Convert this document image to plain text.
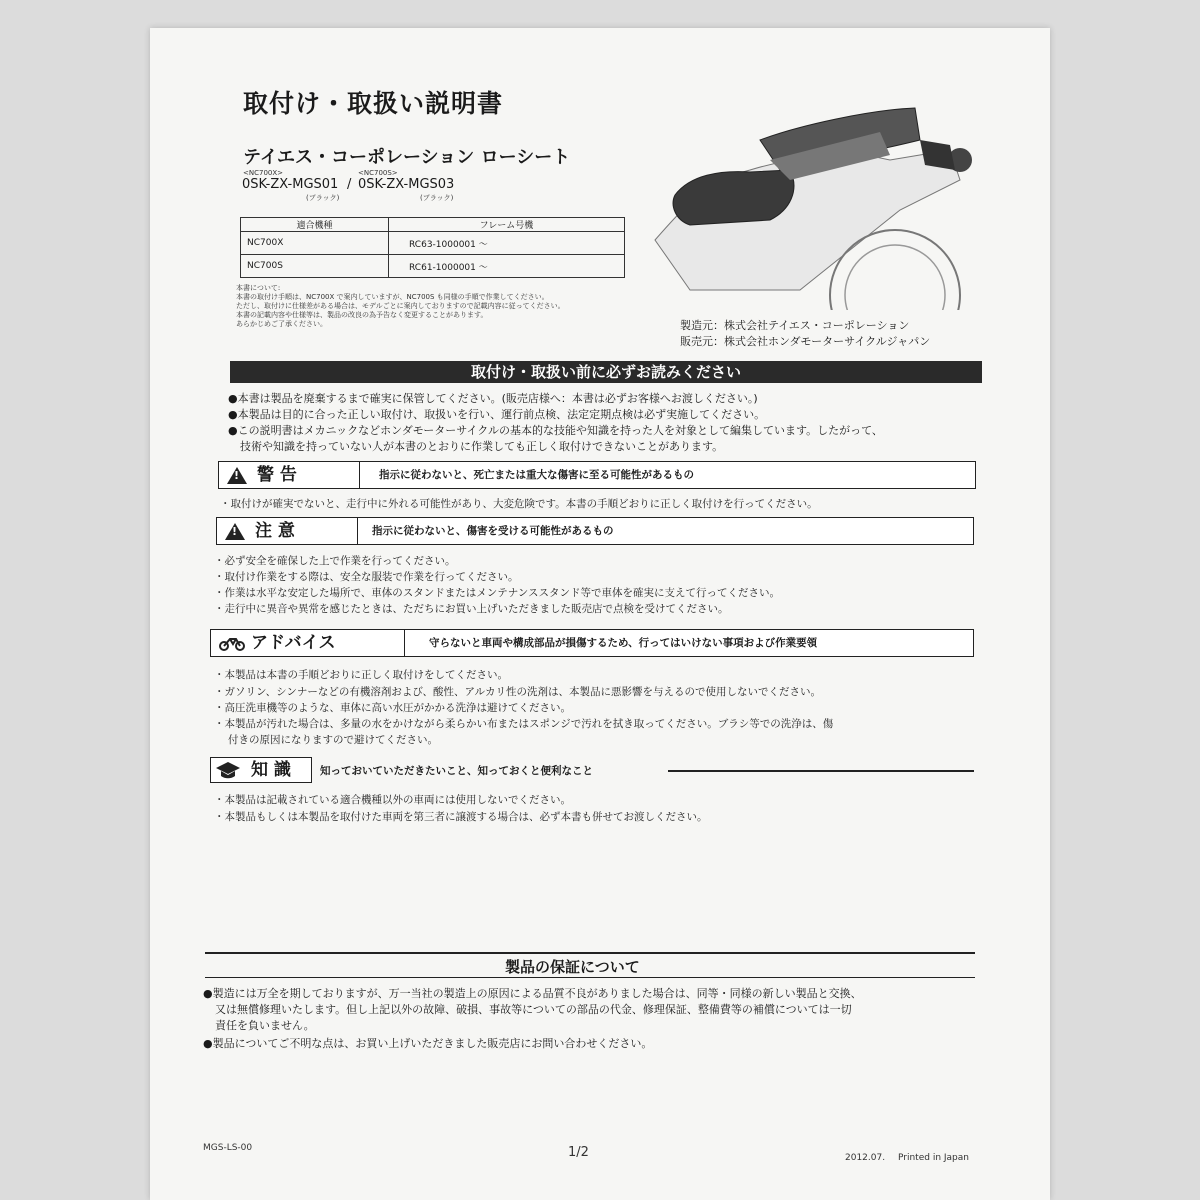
取付け・取扱い説明書
テイエス・コーポレーション ローシート
<NC700X>
0SK-ZX-MGS01
(ブラック)
/
<NC700S>
0SK-ZX-MGS03
(ブラック)
適合機種	フレーム号機
NC700X	RC63-1000001 ～
NC700S	RC61-1000001 ～
本書について:
本書の取付け手順は、NC700X で案内していますが、NC700S も同様の手順で作業してください。
ただし、取付けに仕様差がある場合は、モデルごとに案内しておりますので記載内容に従ってください。
本書の記載内容や仕様等は、製品の改良の為予告なく変更することがあります。
あらかじめご了承ください。	製造元：株式会社テイエス・コーポレーション
販売元：株式会社ホンダモーターサイクルジャパン
取付け・取扱い前に必ずお読みください
●本書は製品を廃棄するまで確実に保管してください。(販売店様へ：本書は必ずお客様へお渡しください。)
●本製品は目的に合った正しい取付け、取扱いを行い、運行前点検、法定定期点検は必ず実施してください。
●この説明書はメカニックなどホンダモーターサイクルの基本的な技能や知識を持った人を対象として編集しています。したがって、
技術や知識を持っていない人が本書のとおりに作業しても正しく取付けできないことがあります。
!警 告	指示に従わないと、死亡または重大な傷害に至る可能性があるもの
・取付けが確実でないと、走行中に外れる可能性があり、大変危険です。本書の手順どおりに正しく取付けを行ってください。
!注 意	指示に従わないと、傷害を受ける可能性があるもの
・必ず安全を確保した上で作業を行ってください。
・取付け作業をする際は、安全な服装で作業を行ってください。
・作業は水平な安定した場所で、車体のスタンドまたはメンテナンススタンド等で車体を確実に支えて行ってください。
・走行中に異音や異常を感じたときは、ただちにお買い上げいただきました販売店で点検を受けてください。
アドバイス	守らないと車両や構成部品が損傷するため、行ってはいけない事項および作業要領
・本製品は本書の手順どおりに正しく取付けをしてください。
・ガソリン、シンナーなどの有機溶剤および、酸性、アルカリ性の洗剤は、本製品に悪影響を与えるので使用しないでください。
・高圧洗車機等のような、車体に高い水圧がかかる洗浄は避けてください。
・本製品が汚れた場合は、多量の水をかけながら柔らかい布またはスポンジで汚れを拭き取ってください。ブラシ等での洗浄は、傷
付きの原因になりますので避けてください。
知 識	知っておいていただきたいこと、知っておくと便利なこと
・本製品は記載されている適合機種以外の車両には使用しないでください。
・本製品もしくは本製品を取付けた車両を第三者に譲渡する場合は、必ず本書も併せてお渡しください。
製品の保証について
●製造には万全を期しておりますが、万一当社の製造上の原因による品質不良がありました場合は、同等・同様の新しい製品と交換、
又は無償修理いたします。但し上記以外の故障、破損、事故等についての部品の代金、修理保証、整備費等の補償については一切
責任を負いません。
●製品についてご不明な点は、お買い上げいただきました販売店にお問い合わせください。
MGS-LS-00	1/2	2012.07. Printed in Japan
